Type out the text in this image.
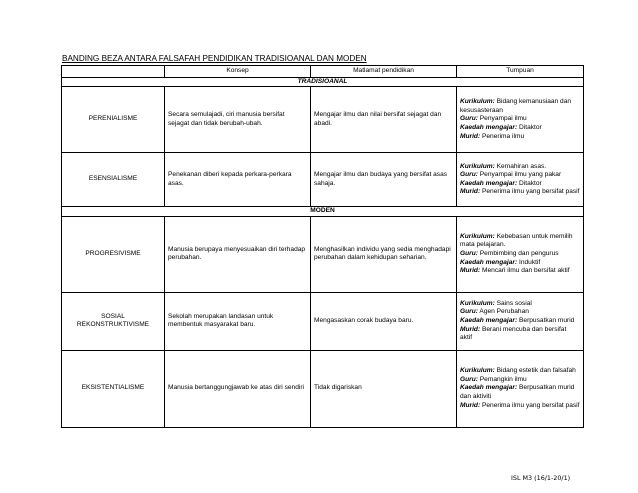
BANDING BEZA ANTARA FALSAFAH PENDIDIKAN TRADISIOANAL DAN MODEN
	Konsep	Matlamat pendidikan	Tumpuan
TRADISIOANAL			
PERENIALISME	Secara semulajadi, ciri manusia bersifat sejagat dan tidak berubah-ubah.	Mengajar ilmu dan nilai bersifat sejagat dan abadi.	Kurikulum: Bidang kemanusiaan dan kesusasteraan
Guru: Penyampai ilmu
Kaedah mengajar: Ditaktor
Murid: Penerima ilmu
ESENSIALISME	Penekanan diberi kepada perkara-perkara asas.	Mengajar ilmu dan budaya yang bersifat asas sahaja.	Kurikulum: Kemahiran asas.
Guru: Penyampai ilmu yang pakar
Kaedah mengajar: Ditaktor
Murid: Penerima ilmu yang bersifat pasif
MODEN			
PROGRESIVISME	Manusia berupaya menyesuaikan diri terhadap perubahan.	Menghasilkan individu yang sedia menghadapi perubahan dalam kehidupan seharian.	Kurikulum: Kebebasan untuk memilih mata pelajaran.
Guru: Pembimbing dan pengurus
Kaedah mengajar: Induktif
Murid: Mencari ilmu dan bersifat aktif
SOSIAL
REKONSTRUKTIVISME	Sekolah merupakan landasan untuk membentuk masyarakat baru.	Mengasaskan corak budaya baru.	Kurikulum: Sains sosial
Guru: Agen Perubahan
Kaedah mengajar: Berpusatkan murid
Murid: Berani mencuba dan bersifat aktif
EKSISTENTIALISME	Manusia bertanggungjawab ke atas diri sendiri	Tidak digariskan	Kurikulum: Bidang estetik dan falsafah
Guru: Pemangkin ilmu
Kaedah mengajar: Berpusatkan murid dan aktiviti
Murid: Penerima ilmu yang bersifat pasif
ISL M3 (16/1-20/1)
